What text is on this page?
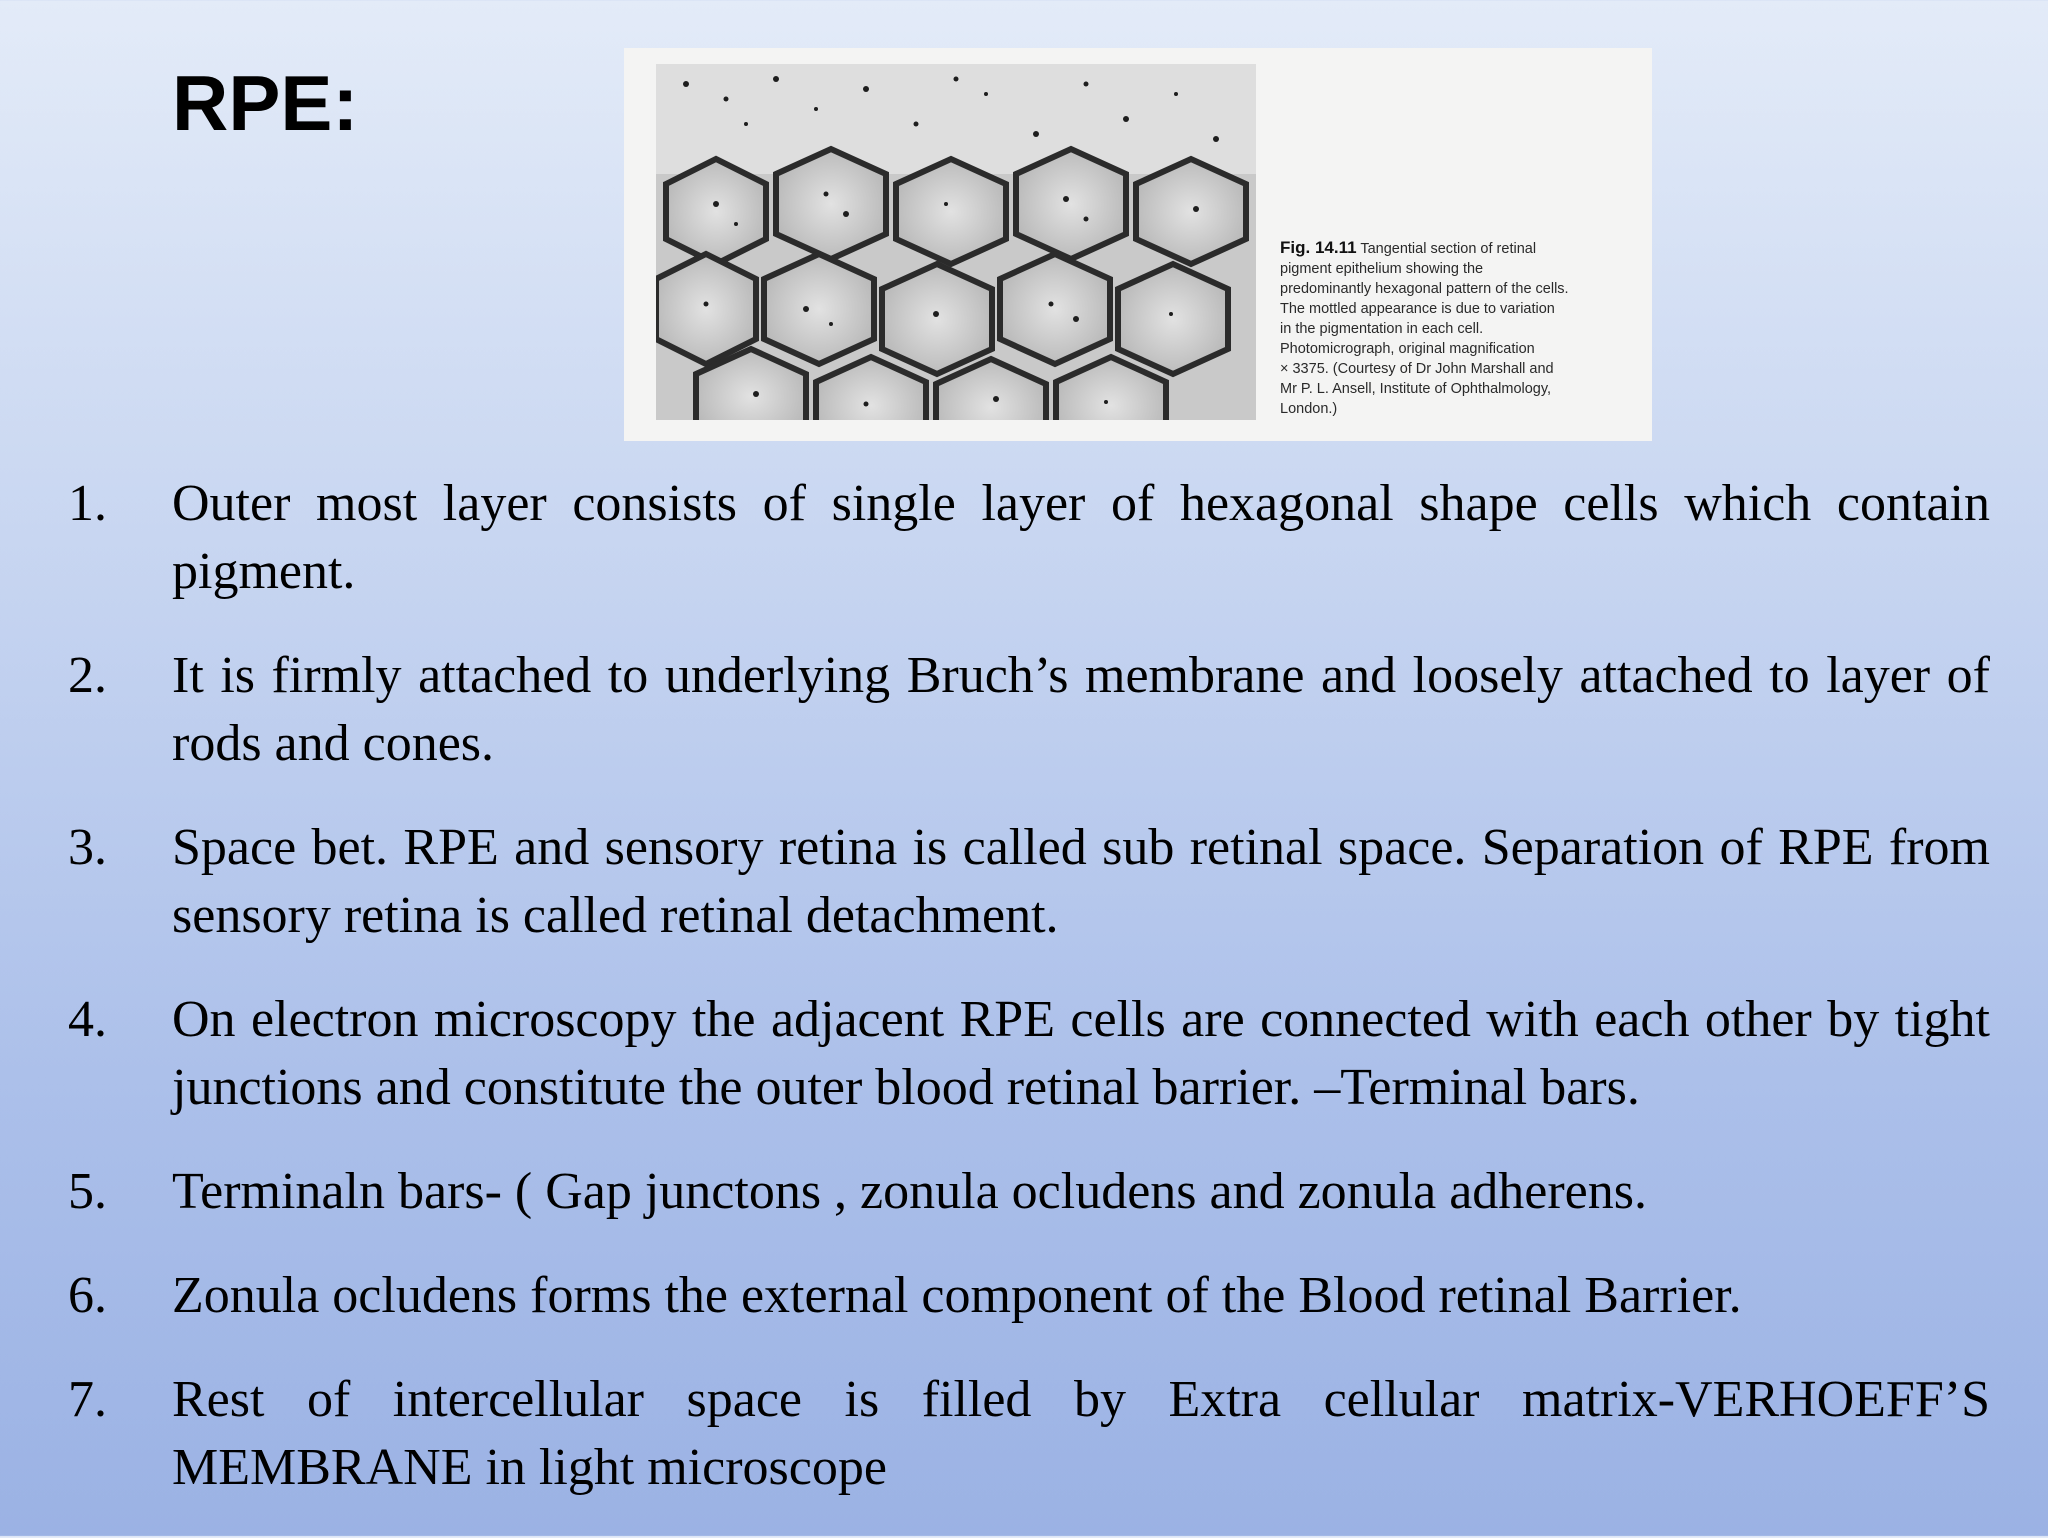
RPE:
Fig. 14.11 Tangential section of retinal
pigment epithelium showing the
predominantly hexagonal pattern of the cells.
The mottled appearance is due to variation
in the pigmentation in each cell.
Photomicrograph, original magnification
× 3375. (Courtesy of Dr John Marshall and
Mr P. L. Ansell, Institute of Ophthalmology,
London.)
1.	Outer most layer consists of single layer of hexagonal shape cells which contain pigment.
2.	It is firmly attached to underlying Bruch’s membrane and loosely attached to layer of rods and cones.
3.	Space bet. RPE and sensory retina is called sub retinal space. Separation of RPE from sensory retina is called retinal detachment.
4.	On electron microscopy the adjacent RPE cells are connected with each other by tight junctions and constitute the outer blood retinal barrier. –Terminal bars.
5.	Terminaln bars- ( Gap junctons , zonula ocludens and zonula adherens.
6.	Zonula ocludens forms the external component of the Blood retinal Barrier.
7.	Rest of intercellular space is filled by Extra cellular matrix-VERHOEFF’S MEMBRANE in light microscope
